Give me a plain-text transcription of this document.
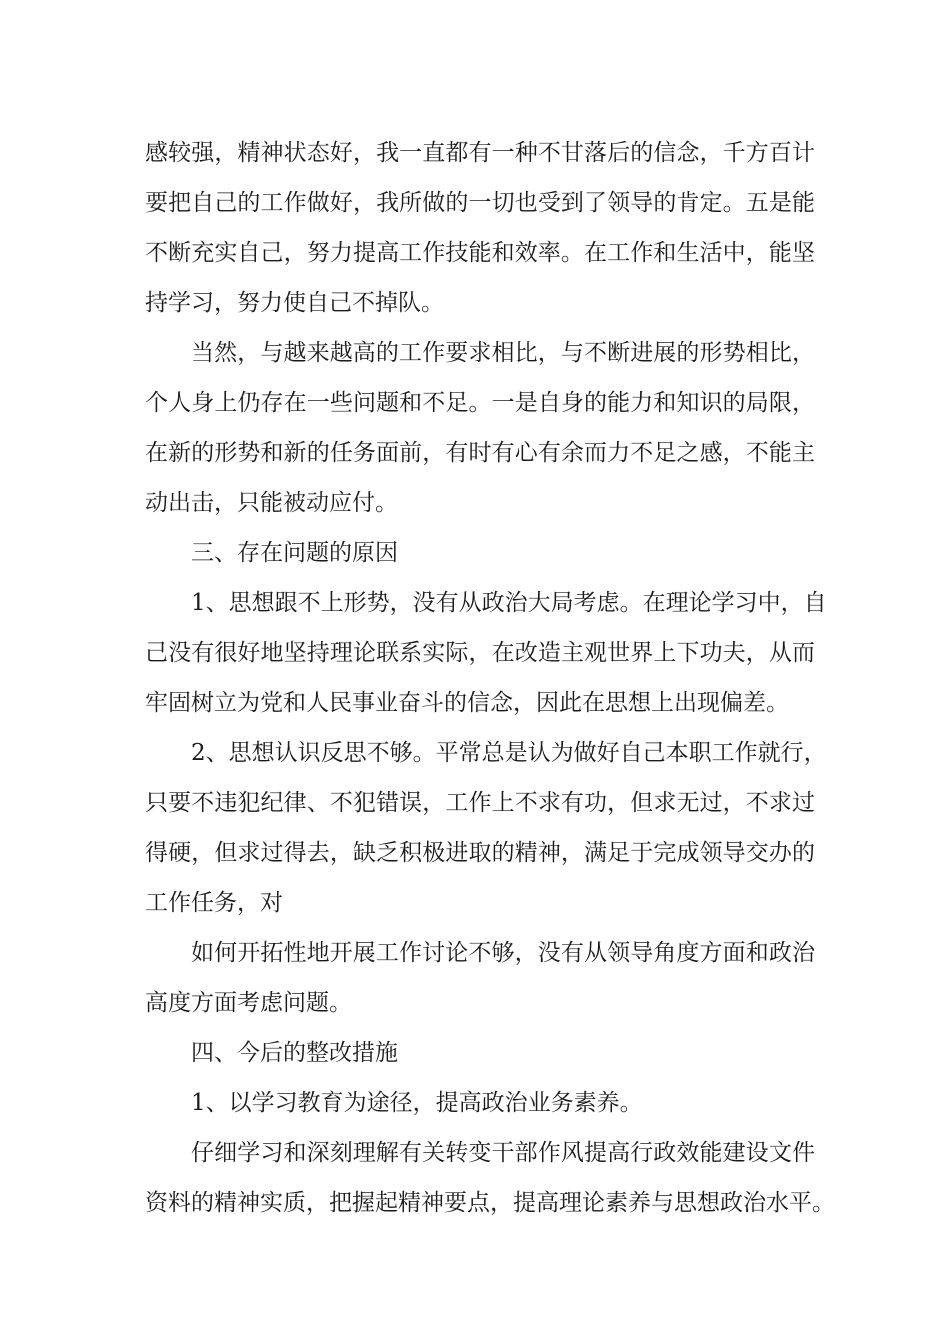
感较强，精神状态好，我一直都有一种不甘落后的信念，千方百计
要把自己的工作做好，我所做的一切也受到了领导的肯定。五是能
不断充实自己，努力提高工作技能和效率。在工作和生活中，能坚
持学习，努力使自己不掉队。
当然，与越来越高的工作要求相比，与不断进展的形势相比，
个人身上仍存在一些问题和不足。一是自身的能力和知识的局限，
在新的形势和新的任务面前，有时有心有余而力不足之感，不能主
动出击，只能被动应付。
三、存在问题的原因
1、思想跟不上形势，没有从政治大局考虑。在理论学习中，自
己没有很好地坚持理论联系实际，在改造主观世界上下功夫，从而
牢固树立为党和人民事业奋斗的信念，因此在思想上出现偏差。
2、思想认识反思不够。平常总是认为做好自己本职工作就行，
只要不违犯纪律、不犯错误，工作上不求有功，但求无过，不求过
得硬，但求过得去，缺乏积极进取的精神，满足于完成领导交办的
工作任务，对
如何开拓性地开展工作讨论不够，没有从领导角度方面和政治
高度方面考虑问题。
四、今后的整改措施
1、以学习教育为途径，提高政治业务素养。
仔细学习和深刻理解有关转变干部作风提高行政效能建设文件
资料的精神实质，把握起精神要点，提高理论素养与思想政治水平。
